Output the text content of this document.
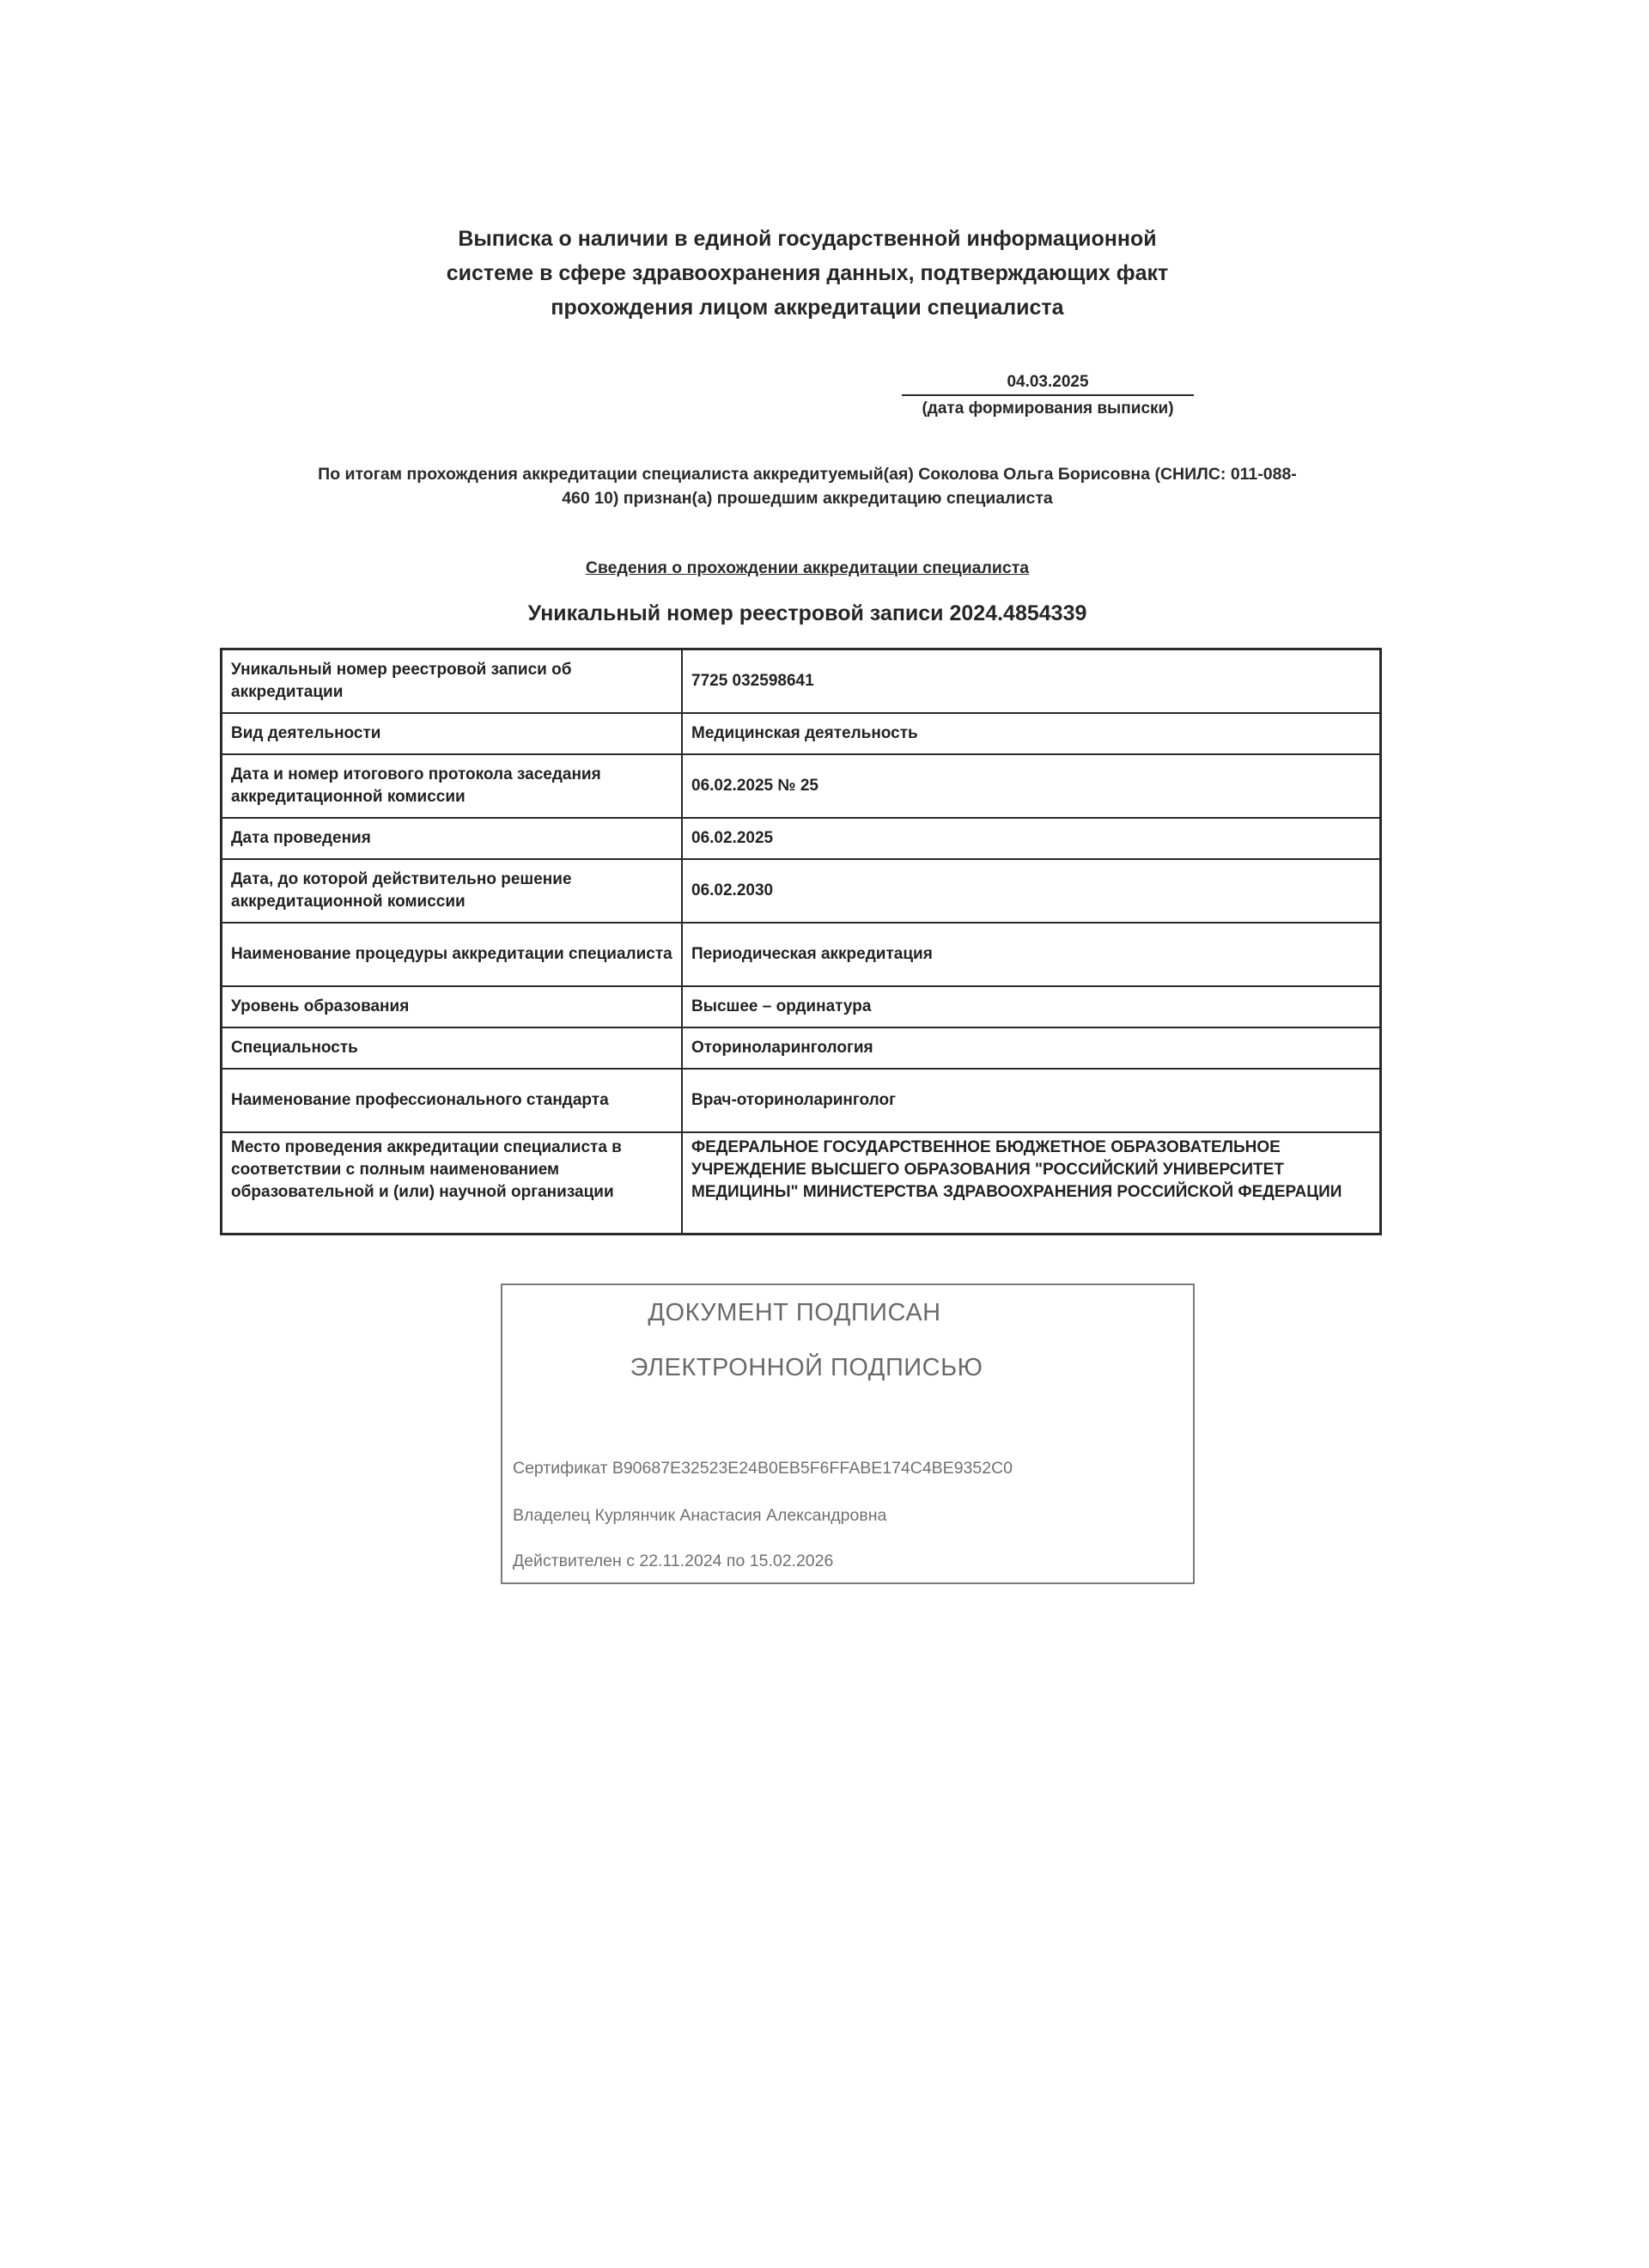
Выписка о наличии в единой государственной информационной
системе в сфере здравоохранения данных, подтверждающих факт
прохождения лицом аккредитации специалиста
04.03.2025
(дата формирования выписки)
По итогам прохождения аккредитации специалиста аккредитуемый(ая) Соколова Ольга Борисовна (СНИЛС: 011-088-
460 10) признан(а) прошедшим аккредитацию специалиста
Сведения о прохождении аккредитации специалиста
Уникальный номер реестровой записи 2024.4854339
Уникальный номер реестровой записи об аккредитации	7725 032598641
Вид деятельности	Медицинская деятельность
Дата и номер итогового протокола заседания аккредитационной комиссии	06.02.2025 № 25
Дата проведения	06.02.2025
Дата, до которой действительно решение аккредитационной комиссии	06.02.2030
Наименование процедуры аккредитации специалиста	Периодическая аккредитация
Уровень образования	Высшее – ординатура
Специальность	Оториноларингология
Наименование профессионального стандарта	Врач-оториноларинголог
Место проведения аккредитации специалиста в соответствии с полным наименованием образовательной и (или) научной организации	ФЕДЕРАЛЬНОЕ ГОСУДАРСТВЕННОЕ БЮДЖЕТНОЕ ОБРАЗОВАТЕЛЬНОЕ УЧРЕЖДЕНИЕ ВЫСШЕГО ОБРАЗОВАНИЯ "РОССИЙСКИЙ УНИВЕРСИТЕТ МЕДИЦИНЫ" МИНИСТЕРСТВА ЗДРАВООХРАНЕНИЯ РОССИЙСКОЙ ФЕДЕРАЦИИ
ДОКУМЕНТ ПОДПИСАН
ЭЛЕКТРОННОЙ ПОДПИСЬЮ
Сертификат B90687E32523E24B0EB5F6FFABE174C4BE9352C0
Владелец Курлянчик Анастасия Александровна
Действителен с 22.11.2024 по 15.02.2026
